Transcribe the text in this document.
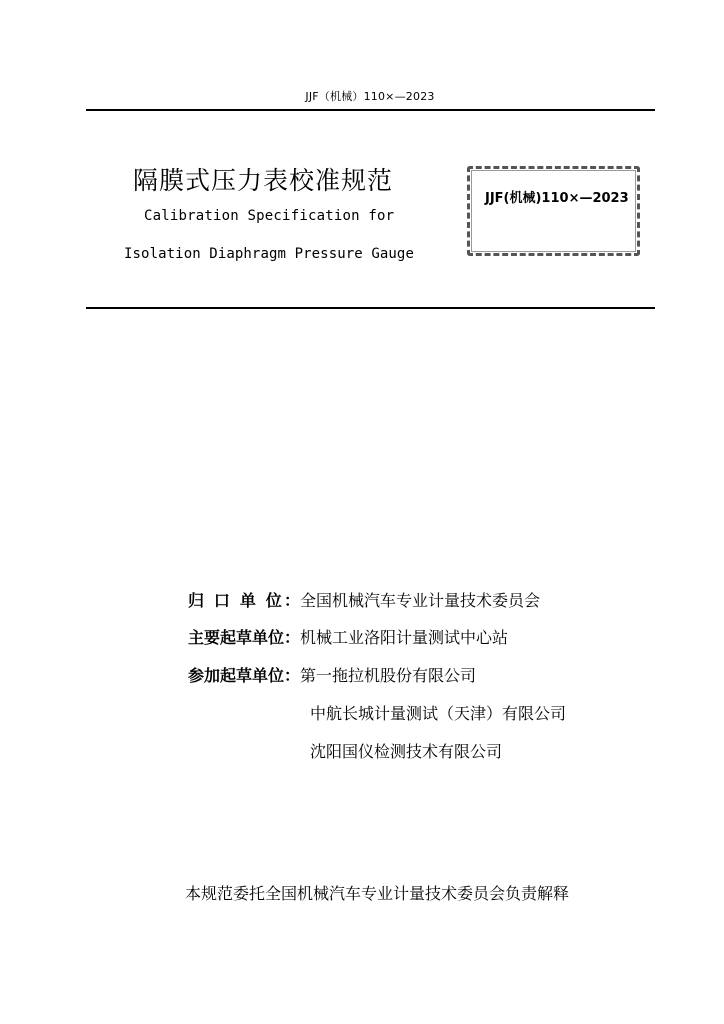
JJF（机械）110×—2023
隔膜式压力表校准规范
Calibration Specification for
Isolation Diaphragm Pressure Gauge
JJF(机械)110×—2023
归 口 单 位：全国机械汽车专业计量技术委员会
主要起草单位：机械工业洛阳计量测试中心站
参加起草单位：第一拖拉机股份有限公司
中航长城计量测试（天津）有限公司
沈阳国仪检测技术有限公司
本规范委托全国机械汽车专业计量技术委员会负责解释
